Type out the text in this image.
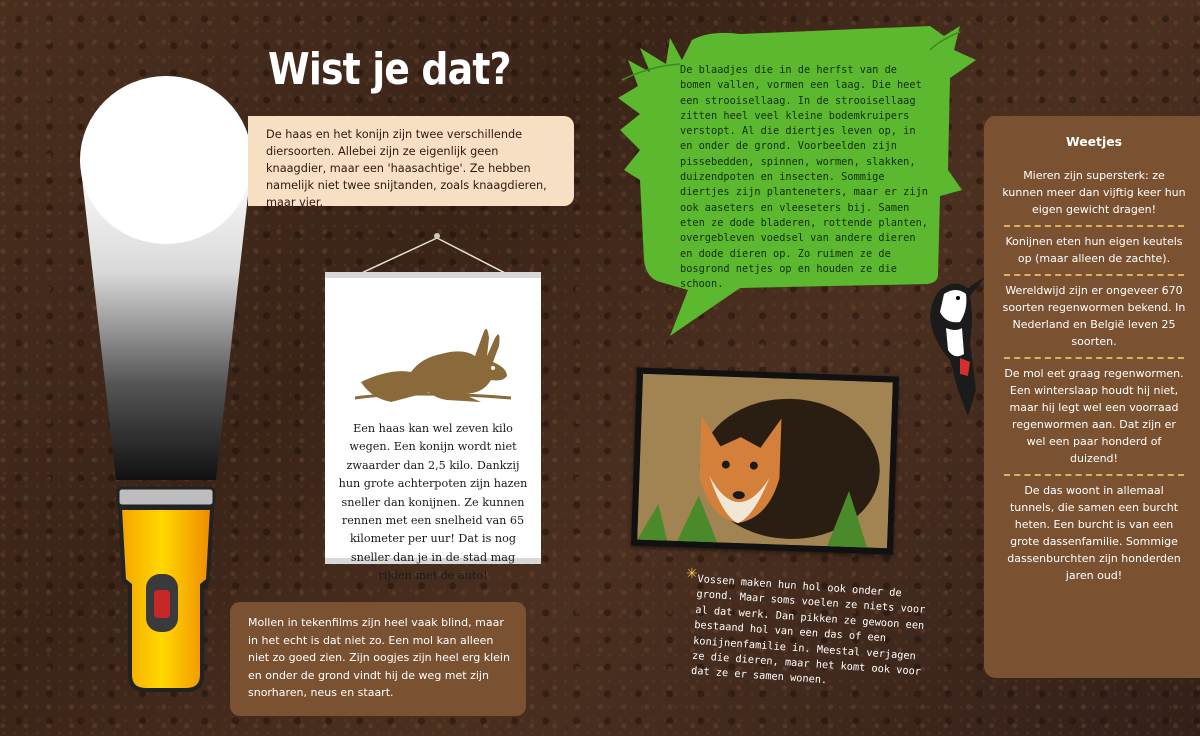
Wist je dat?
De haas en het konijn zijn twee verschillende diersoorten. Allebei zijn ze eigenlijk geen knaagdier, maar een 'haasachtige'. Ze hebben namelijk niet twee snijtanden, zoals knaagdieren, maar vier.

Een haas kan wel zeven kilo wegen. Een konijn wordt niet zwaarder dan 2,5 kilo. Dankzij hun grote achterpoten zijn hazen sneller dan konijnen. Ze kunnen rennen met een snelheid van 65 kilometer per uur! Dat is nog sneller dan je in de stad mag rijden met de auto!

De blaadjes die in de herfst van de bomen vallen, vormen een laag. Die heet een strooisellaag. In de strooisellaag zitten heel veel kleine bodemkruipers verstopt. Al die diertjes leven op, in en onder de grond. Voorbeelden zijn pissebedden, spinnen, wormen, slakken, duizendpoten en insecten. Sommige diertjes zijn planteneters, maar er zijn ook aaseters en vleeseters bij. Samen eten ze dode bladeren, rottende planten, overgebleven voedsel van andere dieren en dode dieren op. Zo ruimen ze de bosgrond netjes op en houden ze die schoon.

✳ Vossen maken hun hol ook onder de grond. Maar soms voelen ze niets voor al dat werk. Dan pikken ze gewoon een bestaand hol van een das of een konijnenfamilie in. Meestal verjagen ze die dieren, maar het komt ook voor dat ze er samen wonen.

Mollen in tekenfilms zijn heel vaak blind, maar in het echt is dat niet zo. Een mol kan alleen niet zo goed zien. Zijn oogjes zijn heel erg klein en onder de grond vindt hij de weg met zijn snorharen, neus en staart.
Weetjes

Mieren zijn supersterk: ze kunnen meer dan vijftig keer hun eigen gewicht dragen!

Konijnen eten hun eigen keutels op (maar alleen de zachte).

Wereldwijd zijn er ongeveer 670 soorten regenwormen bekend. In Nederland en België leven 25 soorten.

De mol eet graag regenwormen. Een winterslaap houdt hij niet, maar hij legt wel een voorraad regenwormen aan. Dat zijn er wel een paar honderd of duizend!

De das woont in allemaal tunnels, die samen een burcht heten. Een burcht is van een grote dassenfamilie. Sommige dassenburchten zijn honderden jaren oud!
